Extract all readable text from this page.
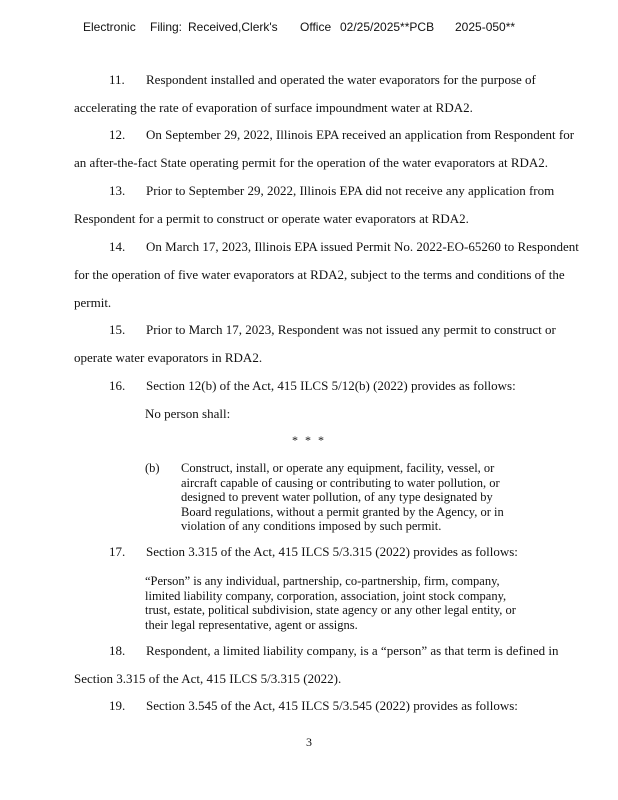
Electronic Filing: Received,Clerk's Office 02/25/2025**PCB 2025-050**
11.	Respondent installed and operated the water evaporators for the purpose of
accelerating the rate of evaporation of surface impoundment water at RDA2.
12.	On September 29, 2022, Illinois EPA received an application from Respondent for
an after-the-fact State operating permit for the operation of the water evaporators at RDA2.
13.	Prior to September 29, 2022, Illinois EPA did not receive any application from
Respondent for a permit to construct or operate water evaporators at RDA2.
14.	On March 17, 2023, Illinois EPA issued Permit No. 2022-EO-65260 to Respondent
for the operation of five water evaporators at RDA2, subject to the terms and conditions of the
permit.
15.	Prior to March 17, 2023, Respondent was not issued any permit to construct or
operate water evaporators in RDA2.
16.	Section 12(b) of the Act, 415 ILCS 5/12(b) (2022) provides as follows:
No person shall:
* * *
(b) Construct, install, or operate any equipment, facility, vessel, or
aircraft capable of causing or contributing to water pollution, or
designed to prevent water pollution, of any type designated by
Board regulations, without a permit granted by the Agency, or in
violation of any conditions imposed by such permit.
17.	Section 3.315 of the Act, 415 ILCS 5/3.315 (2022) provides as follows:
“Person” is any individual, partnership, co-partnership, firm, company,
limited liability company, corporation, association, joint stock company,
trust, estate, political subdivision, state agency or any other legal entity, or
their legal representative, agent or assigns.
18.	Respondent, a limited liability company, is a “person” as that term is defined in
Section 3.315 of the Act, 415 ILCS 5/3.315 (2022).
19.	Section 3.545 of the Act, 415 ILCS 5/3.545 (2022) provides as follows:
3
